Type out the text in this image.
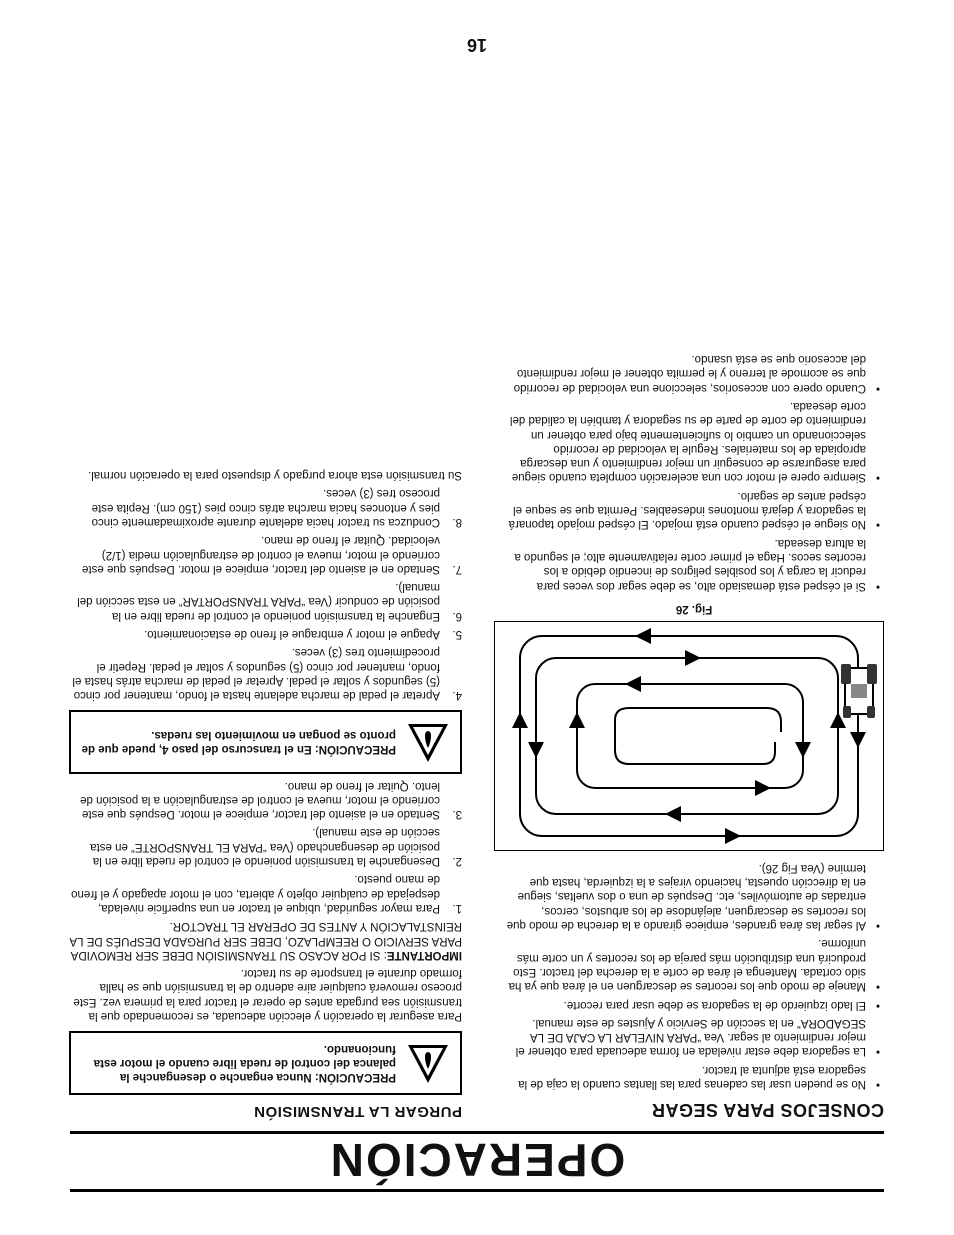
OPERACIÓN
CONSEJOS PARA SEGAR
• No se pueden usar las cadenas para las llantas cuando la caja de la segadora está adjunta al tractor.
• La segadora debe estar nivelada en forma adecuada para obtener el mejor rendimiento al segar. Vea “PARA NIVELAR LA CAJA DE LA SEGADORA” en la sección de Servicio y Ajustes de este manual.
• El lado izquierdo de la segadora se debe usar para recorte.
• Maneje de modo que los recortes se descarguen en el área que ya ha sido cortada. Mantenga el área de corte a la derecha del tractor. Esto producirá una distribución más pareja de los recortes y un corte más uniforme.
• Al segar las área grandes, empiece girando a la derecha de modo que los recortes se descarguen, alejándose de los arbustos, cercos, entradas de automóviles, etc. Después de una o dos vueltas, siegue en la dirección opuesta, haciendo virajes a la izquierda, hasta que termine (Vea Fig 26).
Fig. 26
• Si el césped está demasiado alto, se debe segar dos veces para reducir la carga y los posibles peligros de incendio debido a los recortes secos. Haga el primer corte relativamente alto; el segundo a la altura deseada.
• No siegue el césped cuando está mojado. El césped mojado taponará la segadora y dejará montones indeseables. Permita que se seque el césped antes de segarlo.
• Siempre opere el motor con una aceleración completa cuando siegue para asegurarse de conseguir un mejor rendimiento y una descarga apropiada de los materiales. Regule la velocidad de recorrido seleccionando un cambio lo suficientemente bajo para obtener un rendimiento de corte de parte de su segadora y también la calidad del corte deseada.
• Cuando opere con accesorios, seleccione una velocidad de recorrido que se acomode al terreno y le permita obtener el mejor rendimiento del accesorio que se está usando.
PURGAR LA TRANSMISIÓN
PRECAUCIÓN: Nunca enganche o desenganche la palanca del control de rueda libre cuando el motor esta funcionando.

Para asegurar la operación y elección adecuada, es recomendado que la transmisión sea purgada antes de operar el tractor para la primera vez. Este proceso removerá cualquier aire adentro de la transmisión que se halla formado durante el transporte de su tractor.

IMPORTANTE: SI POR ACASO SU TRANSMISIÓN DEBE SER REMOVIDA PARA SERVICIO O REEMPLAZO, DEBE SER PURGADA DESPUÉS DE LA REINSTALACIÓN Y ANTES DE OPERAR EL TRACTOR.

1.
Para mayor seguridad, ubique el tractor en una superficie nivelada, despejada de cualquier objeto y abierta, con el motor apagado y el freno de mano puesto.
2.
Desenganche la transmisión poniendo el control de rueda libre en la posición de desenganchado (Vea “PARA EL TRANSPORTE” en esta sección de este manual).
3.
Sentado en el asiento del tractor, empiece el motor. Después que este corriendo el motor, mueva el control de estrangulación a la posición de lento. Quitar el freno de mano.
PRECAUCIÓN: En el transcurso del paso 4, puede que de pronto se pongan en movimiento las ruedas.
4.
Apretar el pedal de marcha adelante hasta el fondo, mantener por cinco (5) segundos y soltar el pedal. Apretar el pedal de marcha atrás hasta el fondo, mantener por cinco (5) segundos y soltar el pedal. Repetir el procedimiento tres (3) veces.
5.
Apague el motor y embrague el freno de estacionamiento.
6.
Enganche la transmisión poniendo el control de rueda libre en la posición de conducir (Vea “PARA TRANSPORTAR” en esta sección del manual).
7.
Sentado en el asiento del tractor, empiece el motor. Después que este corriendo el motor, mueva el control de estrangulación media (1/2) velocidad. Quitar el freno de mano.
8.
Conduzca su tractor hacia adelante durante aproximadamente cinco pies y entonces hacia marcha atrás cinco pies (150 cm). Repita este proceso tres (3) veces.

Su transmisión esta ahora purgado y dispuesto para la operación normal.

16
